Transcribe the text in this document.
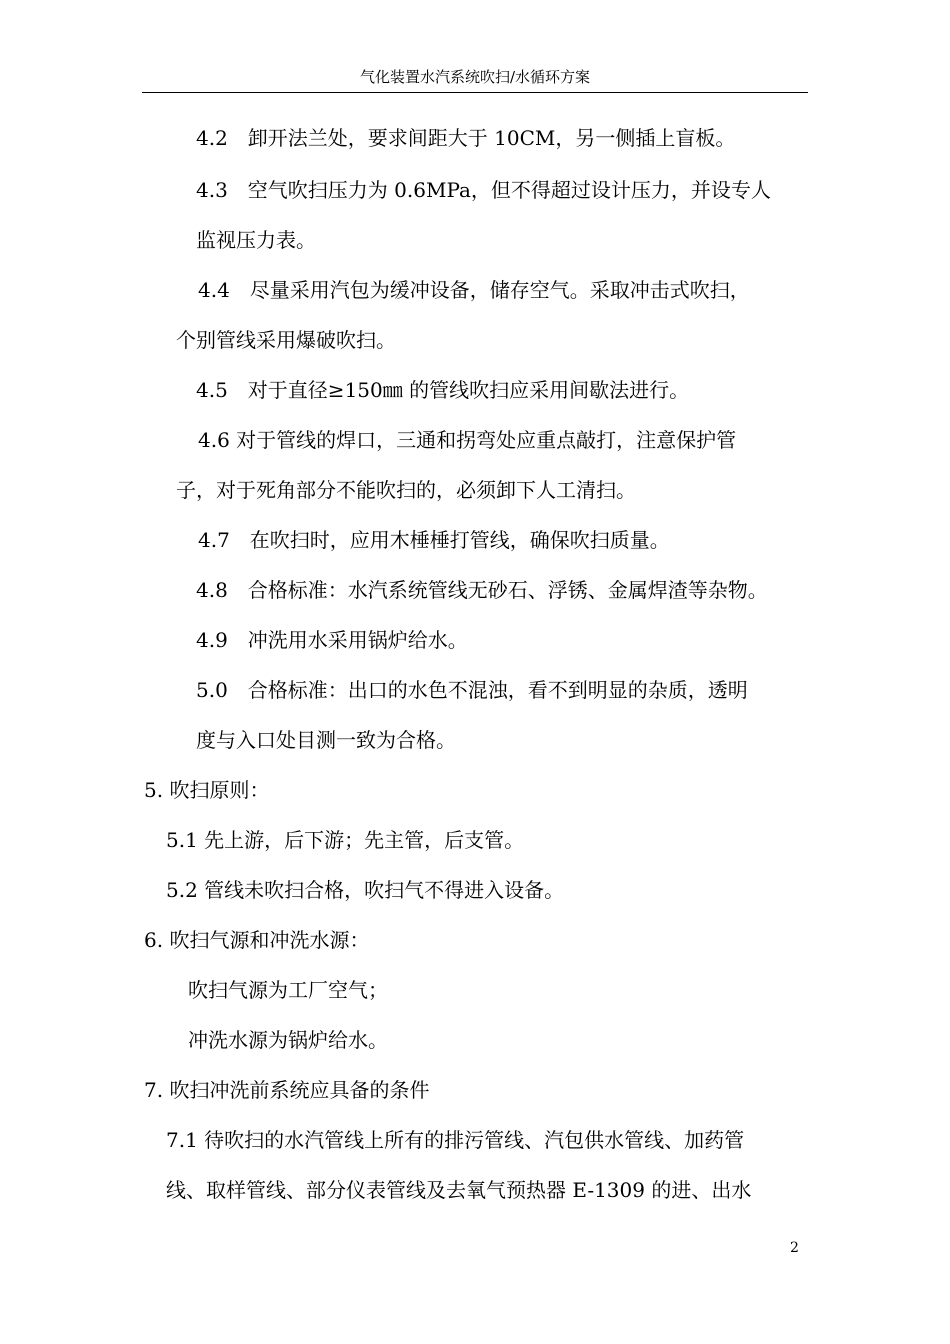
气化装置水汽系统吹扫/水循环方案
4.2　卸开法兰处，要求间距大于 10CM，另一侧插上盲板。
4.3　空气吹扫压力为 0.6MPa，但不得超过设计压力，并设专人
监视压力表。
4.4　尽量采用汽包为缓冲设备，储存空气。采取冲击式吹扫，
个别管线采用爆破吹扫。
4.5　对于直径≥150㎜ 的管线吹扫应采用间歇法进行。
4.6 对于管线的焊口，三通和拐弯处应重点敲打，注意保护管
子，对于死角部分不能吹扫的，必须卸下人工清扫。
4.7　在吹扫时，应用木棰棰打管线，确保吹扫质量。
4.8　合格标准：水汽系统管线无砂石、浮锈、金属焊渣等杂物。
4.9　冲洗用水采用锅炉给水。
5.0　合格标准：出口的水色不混浊，看不到明显的杂质，透明
度与入口处目测一致为合格。
5. 吹扫原则：
5.1 先上游，后下游；先主管，后支管。
5.2 管线未吹扫合格，吹扫气不得进入设备。
6. 吹扫气源和冲洗水源：
吹扫气源为工厂空气；
冲洗水源为锅炉给水。
7. 吹扫冲洗前系统应具备的条件
7.1 待吹扫的水汽管线上所有的排污管线、汽包供水管线、加药管
线、取样管线、部分仪表管线及去氧气预热器 E-1309 的进、出水
2
